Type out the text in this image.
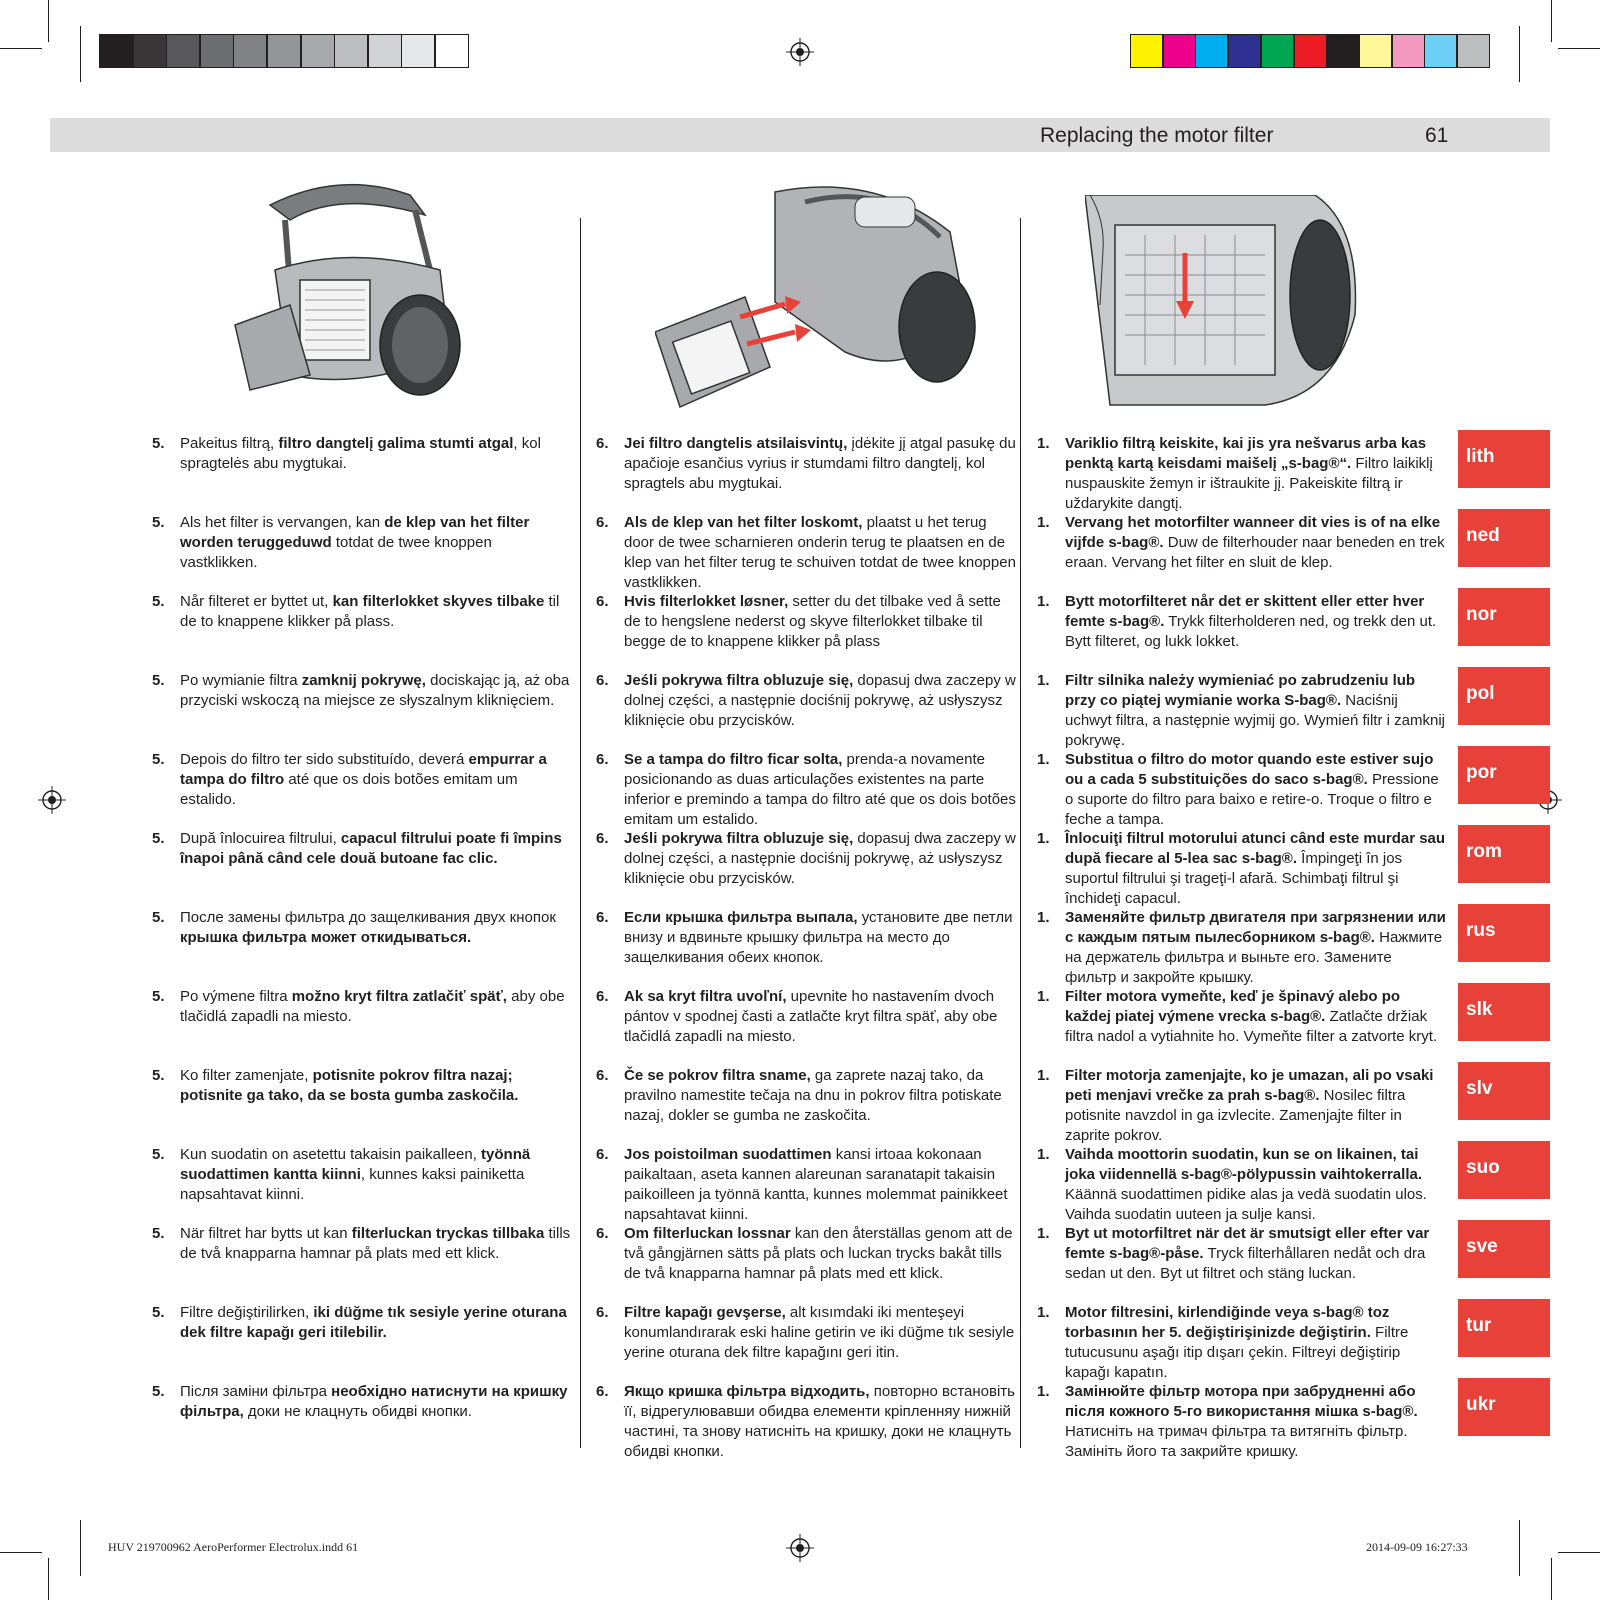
Replacing the motor filter	61
5. Pakeitus filtrą, filtro dangtelį galima stumti atgal, kol spragtelės abu mygtukai.
6. Jei filtro dangtelis atsilaisvintų, įdėkite jį atgal pasukę du apačioje esančius vyrius ir stumdami filtro dangtelį, kol spragtels abu mygtukai.
1. Variklio filtrą keiskite, kai jis yra nešvarus arba kas penktą kartą keisdami maišelį „s-bag®“. Filtro laikiklį nuspauskite žemyn ir ištraukite jį. Pakeiskite filtrą ir uždarykite dangtį.
lith
5. Als het filter is vervangen, kan de klep van het filter worden teruggeduwd totdat de twee knoppen vastklikken.
6. Als de klep van het filter loskomt, plaatst u het terug door de twee scharnieren onderin terug te plaatsen en de klep van het filter terug te schuiven totdat de twee knoppen vastklikken.
1. Vervang het motorfilter wanneer dit vies is of na elke vijfde s-bag®. Duw de filterhouder naar beneden en trek eraan. Vervang het filter en sluit de klep.
ned
5. Når filteret er byttet ut, kan filterlokket skyves tilbake til de to knappene klikker på plass.
6. Hvis filterlokket løsner, setter du det tilbake ved å sette de to hengslene nederst og skyve filterlokket tilbake til begge de to knappene klikker på plass
1. Bytt motorfilteret når det er skittent eller etter hver femte s-bag®. Trykk filterholderen ned, og trekk den ut. Bytt filteret, og lukk lokket.
nor
5. Po wymianie filtra zamknij pokrywę, dociskając ją, aż oba przyciski wskoczą na miejsce ze słyszalnym kliknięciem.
6. Jeśli pokrywa filtra obluzuje się, dopasuj dwa zaczepy w dolnej części, a następnie dociśnij pokrywę, aż usłyszysz kliknięcie obu przycisków.
1. Filtr silnika należy wymieniać po zabrudzeniu lub przy co piątej wymianie worka S-bag®. Naciśnij uchwyt filtra, a następnie wyjmij go. Wymień filtr i zamknij pokrywę.
pol
5. Depois do filtro ter sido substituído, deverá empurrar a tampa do filtro até que os dois botões emitam um estalido.
6. Se a tampa do filtro ficar solta, prenda-a novamente posicionando as duas articulações existentes na parte inferior e premindo a tampa do filtro até que os dois botões emitam um estalido.
1. Substitua o filtro do motor quando este estiver sujo ou a cada 5 substituições do saco s-bag®. Pressione o suporte do filtro para baixo e retire-o. Troque o filtro e feche a tampa.
por
5. După înlocuirea filtrului, capacul filtrului poate fi împins înapoi până când cele două butoane fac clic.
6. Jeśli pokrywa filtra obluzuje się, dopasuj dwa zaczepy w dolnej części, a następnie dociśnij pokrywę, aż usłyszysz kliknięcie obu przycisków.
1. Înlocuiţi filtrul motorului atunci când este murdar sau după fiecare al 5-lea sac s-bag®. Împingeţi în jos suportul filtrului şi trageţi-l afară. Schimbaţi filtrul şi închideţi capacul.
rom
5. После замены фильтра до защелкивания двух кнопок крышка фильтра может откидываться.
6. Если крышка фильтра выпала, установите две петли внизу и вдвиньте крышку фильтра на место до защелкивания обеих кнопок.
1. Заменяйте фильтр двигателя при загрязнении или с каждым пятым пылесборником s-bag®. Нажмите на держатель фильтра и выньте его. Замените фильтр и закройте крышку.
rus
5. Po výmene filtra možno kryt filtra zatlačiť späť, aby obe tlačidlá zapadli na miesto.
6. Ak sa kryt filtra uvoľní, upevnite ho nastavením dvoch pántov v spodnej časti a zatlačte kryt filtra späť, aby obe tlačidlá zapadli na miesto.
1. Filter motora vymeňte, keď je špinavý alebo po každej piatej výmene vrecka s-bag®. Zatlačte držiak filtra nadol a vytiahnite ho. Vymeňte filter a zatvorte kryt.
slk
5. Ko filter zamenjate, potisnite pokrov filtra nazaj; potisnite ga tako, da se bosta gumba zaskočila.
6. Če se pokrov filtra sname, ga zaprete nazaj tako, da pravilno namestite tečaja na dnu in pokrov filtra potiskate nazaj, dokler se gumba ne zaskočita.
1. Filter motorja zamenjajte, ko je umazan, ali po vsaki peti menjavi vrečke za prah s-bag®. Nosilec filtra potisnite navzdol in ga izvlecite. Zamenjajte filter in zaprite pokrov.
slv
5. Kun suodatin on asetettu takaisin paikalleen, työnnä suodattimen kantta kiinni, kunnes kaksi painiketta napsahtavat kiinni.
6. Jos poistoilman suodattimen kansi irtoaa kokonaan paikaltaan, aseta kannen alareunan saranatapit takaisin paikoilleen ja työnnä kantta, kunnes molemmat painikkeet napsahtavat kiinni.
1. Vaihda moottorin suodatin, kun se on likainen, tai joka viidennellä s-bag®-pölypussin vaihtokerralla. Käännä suodattimen pidike alas ja vedä suodatin ulos. Vaihda suodatin uuteen ja sulje kansi.
suo
5. När filtret har bytts ut kan filterluckan tryckas tillbaka tills de två knapparna hamnar på plats med ett klick.
6. Om filterluckan lossnar kan den återställas genom att de två gångjärnen sätts på plats och luckan trycks bakåt tills de två knapparna hamnar på plats med ett klick.
1. Byt ut motorfiltret när det är smutsigt eller efter var femte s-bag®-påse. Tryck filterhållaren nedåt och dra sedan ut den. Byt ut filtret och stäng luckan.
sve
5. Filtre değiştirilirken, iki düğme tık sesiyle yerine oturana dek filtre kapağı geri itilebilir.
6. Filtre kapağı gevşerse, alt kısımdaki iki menteşeyi konumlandırarak eski haline getirin ve iki düğme tık sesiyle yerine oturana dek filtre kapağını geri itin.
1. Motor filtresini, kirlendiğinde veya s-bag® toz torbasının her 5. değiştirişinizde değiştirin. Filtre tutucusunu aşağı itip dışarı çekin. Filtreyi değiştirip kapağı kapatın.
tur
5. Після заміни фільтра необхідно натиснути на кришку фільтра, доки не клацнуть обидві кнопки.
6. Якщо кришка фільтра відходить, повторно встановіть її, відрегулювавши обидва елементи кріпленняу нижній частині, та знову натисніть на кришку, доки не клацнуть обидві кнопки.
1. Замінюйте фільтр мотора при забрудненні або після кожного 5-го використання мішка s-bag®. Натисніть на тримач фільтра та витягніть фільтр. Замініть його та закрийте кришку.
ukr
HUV 219700962 AeroPerformer Electrolux.indd 61	2014-09-09 16:27:33
